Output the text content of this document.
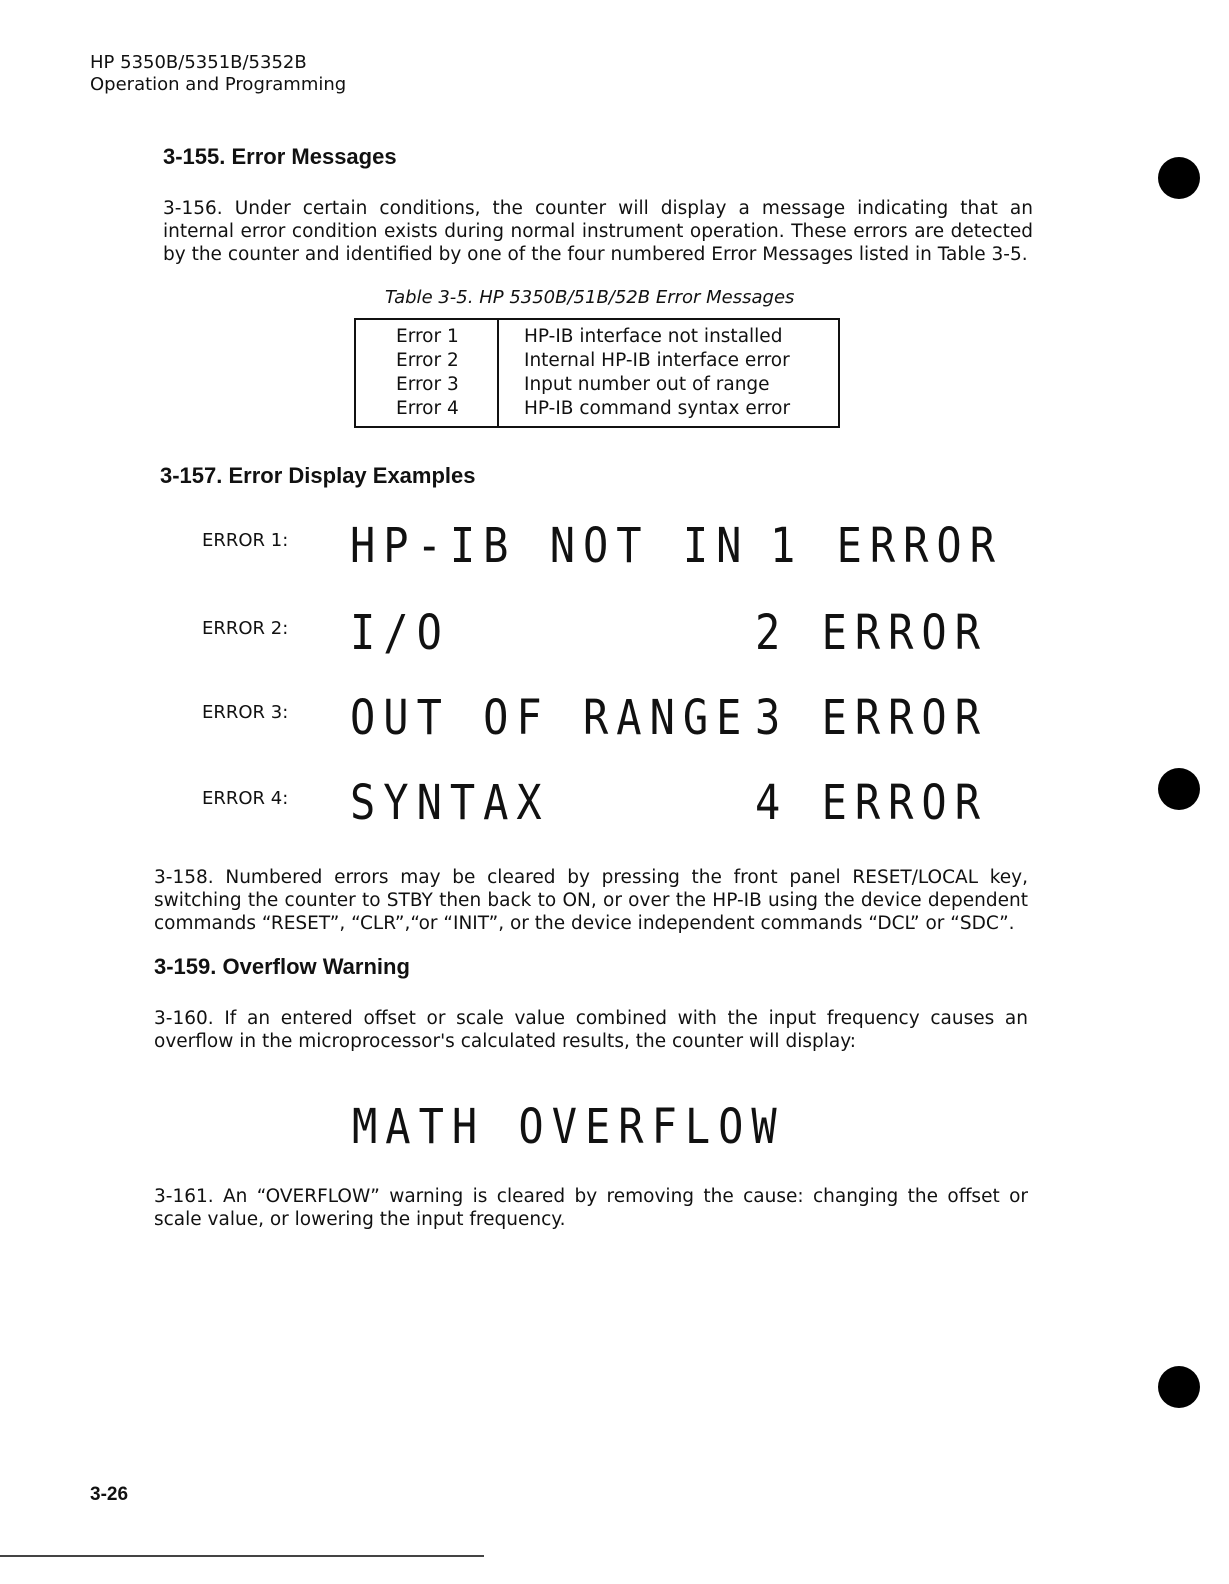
HP 5350B/5351B/5352B
Operation and Programming
3-155. Error Messages
3-156. Under certain conditions, the counter will display a message indicating that an internal error condition exists during normal instrument operation. These errors are detected by the counter and identified by one of the four numbered Error Messages listed in Table 3-5.
Table 3-5. HP 5350B/51B/52B Error Messages
Error 1	HP-IB interface not installed
Error 2	Internal HP-IB interface error
Error 3	Input number out of range
Error 4	HP-IB command syntax error
3-157. Error Display Examples
ERROR 1: HP-IB NOT IN 1 ERROR
ERROR 2: I/O	2 ERROR
ERROR 3: OUT OF RANGE 3 ERROR
ERROR 4: SYNTAX	4 ERROR
3-158. Numbered errors may be cleared by pressing the front panel RESET/LOCAL key, switching the counter to STBY then back to ON, or over the HP-IB using the device dependent commands “RESET”, “CLR”,“or “INIT”, or the device independent commands “DCL” or “SDC”.
3-159. Overflow Warning
3-160. If an entered offset or scale value combined with the input frequency causes an overflow in the microprocessor's calculated results, the counter will display:
MATH OVERFLOW
3-161. An “OVERFLOW” warning is cleared by removing the cause: changing the offset or scale value, or lowering the input frequency.
3-26
